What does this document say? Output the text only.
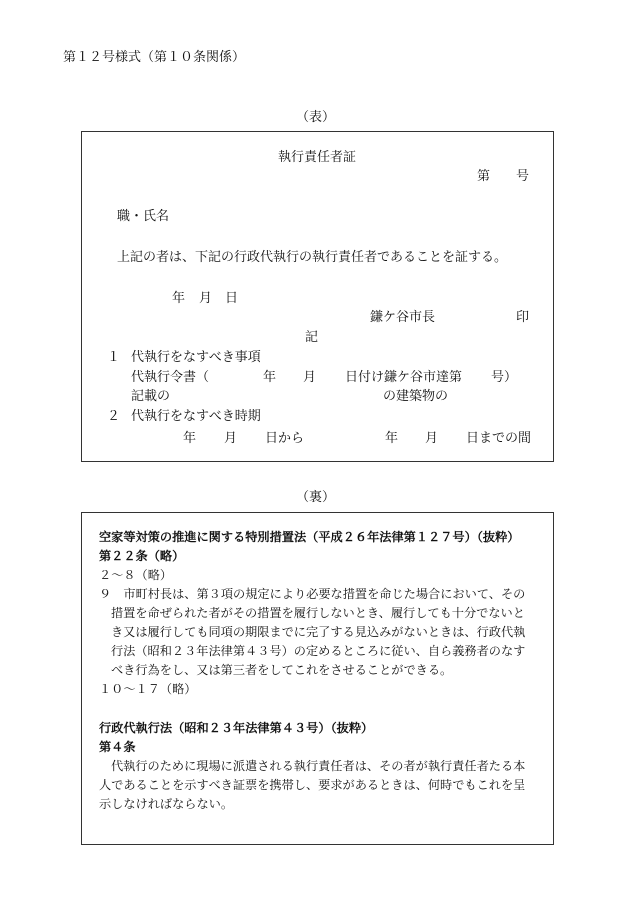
第１２号様式（第１０条関係）
（表）
執行責任者証
第 号
職・氏名
上記の者は、下記の行政代執行の執行責任者であることを証する。
年 月 日
鎌ケ谷市長	印
記
１ 代執行をなすべき事項
代執行令書（	年 月 日付け鎌ケ谷市達第 号）
記載の	の建築物の
２ 代執行をなすべき時期
年 月 日から	年 月 日までの間
（裏）
空家等対策の推進に関する特別措置法（平成２６年法律第１２７号）（抜粋）
第２２条（略）
２～８（略）
９　市町村長は、第３項の規定により必要な措置を命じた場合において、その
措置を命ぜられた者がその措置を履行しないとき、履行しても十分でないと
き又は履行しても同項の期限までに完了する見込みがないときは、行政代執
行法（昭和２３年法律第４３号）の定めるところに従い、自ら義務者のなす
べき行為をし、又は第三者をしてこれをさせることができる。
１０～１７（略）
行政代執行法（昭和２３年法律第４３号）（抜粋）
第４条
代執行のために現場に派遣される執行責任者は、その者が執行責任者たる本
人であることを示すべき証票を携帯し、要求があるときは、何時でもこれを呈
示しなければならない。
